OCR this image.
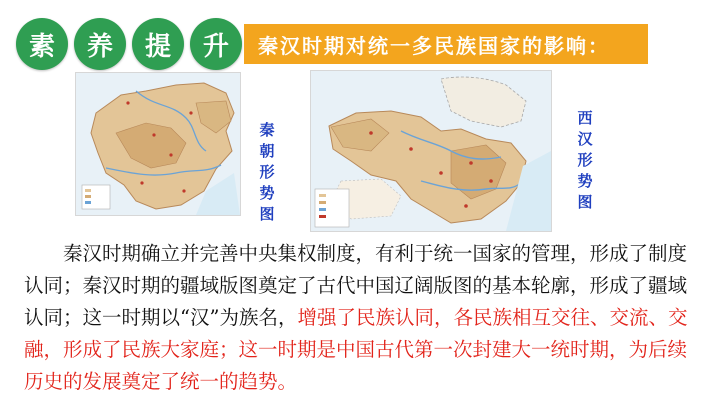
素	养	提	升	秦汉时期对统一多民族国家的影响：
秦
朝
形
势
图
西
汉
形
势
图

秦汉时期确立并完善中央集权制度，有利于统一国家的管理，形成了制度认同；秦汉时期的疆域版图奠定了古代中国辽阔版图的基本轮廓，形成了疆域认同；这一时期以“汉”为族名，增强了民族认同，各民族相互交往、交流、交融，形成了民族大家庭；这一时期是中国古代第一次封建大一统时期，为后续历史的发展奠定了统一的趋势。
